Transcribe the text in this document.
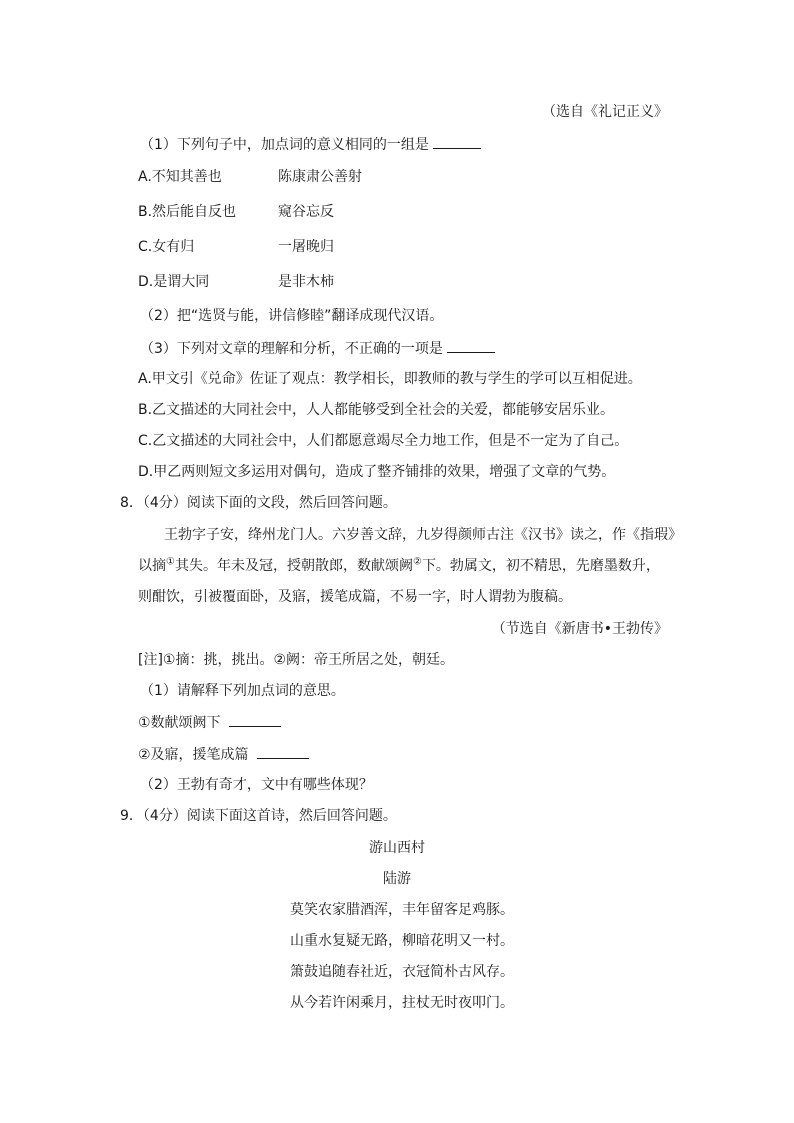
（选自《礼记正义》
（1）下列句子中，加点词的意义相同的一组是
A.不知其善也	陈康肃公善射
B.然后能自反也	窥谷忘反
C.女有归	一屠晚归
D.是谓大同	是非木柿
（2）把“选贤与能，讲信修睦”翻译成现代汉语。
（3）下列对文章的理解和分析，不正确的一项是
A.甲文引《兑命》佐证了观点：教学相长，即教师的教与学生的学可以互相促进。
B.乙文描述的大同社会中，人人都能够受到全社会的关爱，都能够安居乐业。
C.乙文描述的大同社会中，人们都愿意竭尽全力地工作，但是不一定为了自己。
D.甲乙两则短文多运用对偶句，造成了整齐铺排的效果，增强了文章的气势。
8．（4分）阅读下面的文段，然后回答问题。
王勃字子安，绛州龙门人。六岁善文辞，九岁得颜师古注《汉书》读之，作《指瑕》
以摘①其失。年未及冠，授朝散郎，数献颂阙②下。勃属文，初不精思，先磨墨数升，
则酣饮，引被覆面卧，及寤，援笔成篇，不易一字，时人谓勃为腹稿。
（节选自《新唐书•王勃传》
[注]①摘：挑，挑出。②阙：帝王所居之处，朝廷。
（1）请解释下列加点词的意思。
①数献颂阙下
②及寤，援笔成篇
（2）王勃有奇才，文中有哪些体现？
9．（4分）阅读下面这首诗，然后回答问题。
游山西村
陆游
莫笑农家腊酒浑，丰年留客足鸡豚。
山重水复疑无路，柳暗花明又一村。
箫鼓追随春社近，衣冠简朴古风存。
从今若许闲乘月，拄杖无时夜叩门。
